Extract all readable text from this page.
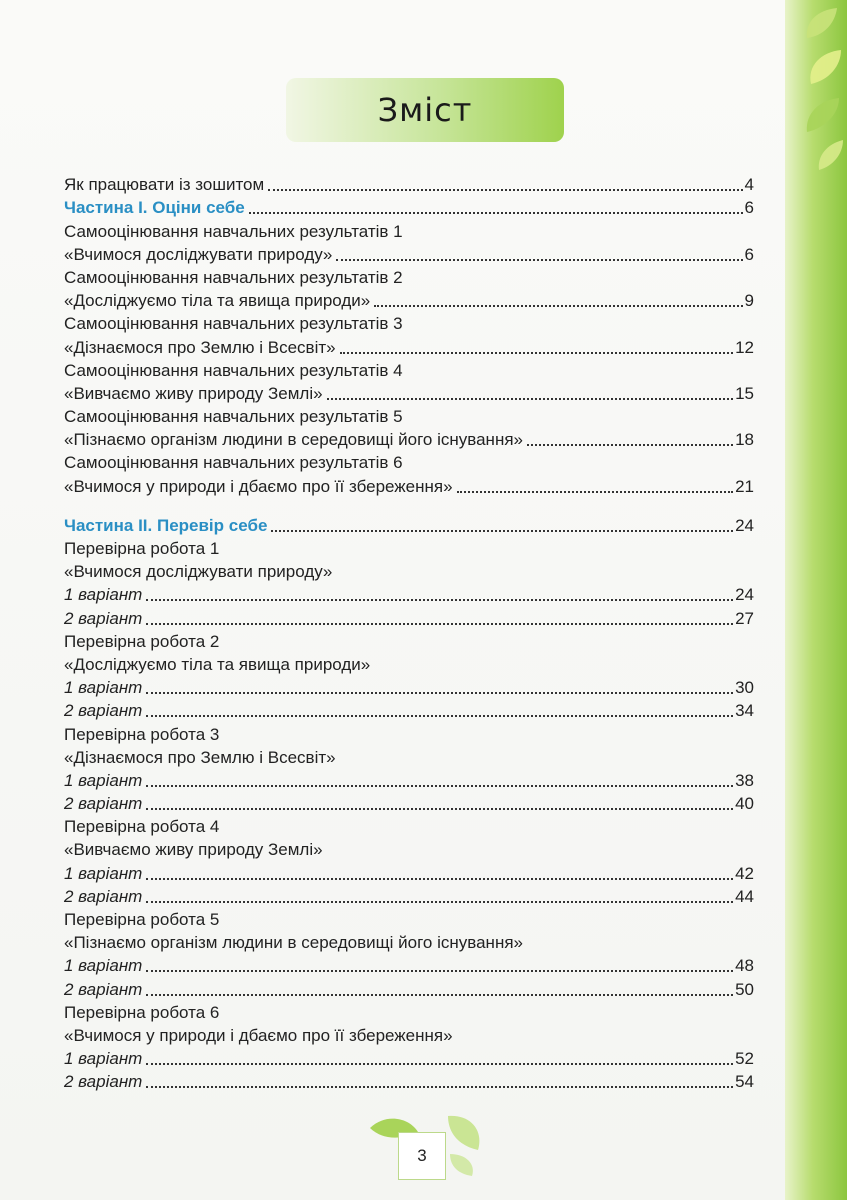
Зміст
Як працювати із зошитом	4
Частина І. Оціни себе	6
Самооцінювання навчальних результатів 1
«Вчимося досліджувати природу»	6
Самооцінювання навчальних результатів 2
«Досліджуємо тіла та явища природи»	9
Самооцінювання навчальних результатів 3
«Дізнаємося про Землю і Всесвіт»	12
Самооцінювання навчальних результатів 4
«Вивчаємо живу природу Землі»	15
Самооцінювання навчальних результатів 5
«Пізнаємо організм людини в середовищі його існування»	18
Самооцінювання навчальних результатів 6
«Вчимося у природи і дбаємо про її збереження»	21
Частина ІІ. Перевір себе	24
Перевірна робота 1
«Вчимося досліджувати природу»
1 варіант	24
2 варіант	27
Перевірна робота 2
«Досліджуємо тіла та явища природи»
1 варіант	30
2 варіант	34
Перевірна робота 3
«Дізнаємося про Землю і Всесвіт»
1 варіант	38
2 варіант	40
Перевірна робота 4
«Вивчаємо живу природу Землі»
1 варіант	42
2 варіант	44
Перевірна робота 5
«Пізнаємо організм людини в середовищі його існування»
1 варіант	48
2 варіант	50
Перевірна робота 6
«Вчимося у природи і дбаємо про її збереження»
1 варіант	52
2 варіант	54
3
